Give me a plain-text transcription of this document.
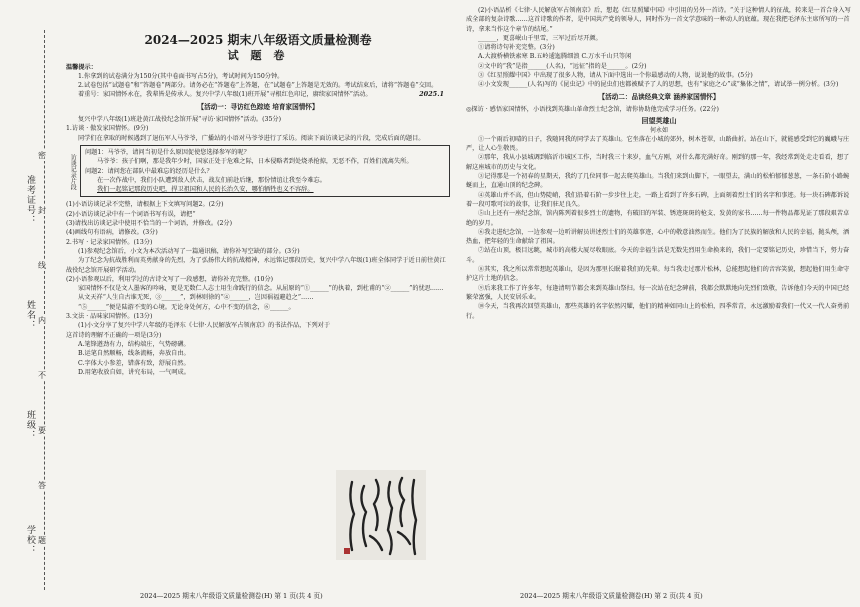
准考证号：
姓名：
班级：
学校：
密
封
线
内
不
要
答
题
2024—2025 期末八年级语文质量检测卷
试 题 卷
2025.1
温馨提示：

1.你拿到的试卷满分为150分(其中卷面书写占5分)，考试时间为150分钟。

2.试卷包括“试题卷”和“答题卷”两部分。请务必在“答题卷”上答题，在“试题卷”上答题是无效的。考试结束后，请将“答题卷”交回。

着重号：家国情怀永在，我辈皆是传承人。复兴中学八年级(1)班开展“寻根红色印记，赓续家国情怀”活动。

【活动一：寻访红色踪迹 培育家国情怀】

复兴中学八年级(1)班赴黄江战役纪念馆开展“寻访·家国情怀”活动。(35分)

1.访谈 · 傲发家国情怀。(9分)

同学们在拿取的时候遇到了退伍军人马爷爷，广播站的小语对马爷爷进行了采访。阅读下面访谈记录的片段，完成后面的题目。

访谈记录片段

问题1：马爷爷，请问当初是什么原因促使您选择参军的呢？

马爷爷：孩子们啊，那是我年少时，国家正处于危难之际，日本侵略者到处烧杀抢掠，无恶不作，百姓们流离失所。

问题2：请问您在部队中最难忘的经历是什么？

在一次作战中，我们小队遭到敌人伏击，战友们前赴后继，那份情谊让我至今难忘。

我们一起铭记那段历史吧，捍卫祖国和人民的长治久安，哪怕牺牲也义不容辞。

(1)小语访谈记录不完整，请根据上下文填写问题2。(2分)

(2)小语访谈记录中有一个词语书写有误，请把“

(3)请找出访谈记录中使用不恰当的一个词语，并修改。(2分)

(4)画线句有语病，请修改。(3分)

2.书写 · 记录家国情怀。(13分)

(1)参观纪念馆后，小文为本次活动写了一篇通讯稿，请你补写空缺的部分。(3分)

为了纪念为抗战胜利而英勇献身的先烈，为了弘扬伟大的抗战精神，永远铭记那段历史，复兴中学八年级(1)班全体同学于近日前往黄江战役纪念馆开展研学活动。

(2)小语参观以后，利用学过的古诗文写了一段感想，请你补充完整。(10分)

家国情怀不仅是文人墨客的吟咏，更是无数仁人志士用生命践行的信念。从屈原的“①______”的执着，到杜甫的“②______”的忧思……

从文天祥“人生自古谁无死，③______”，到林则徐的“④______，岂因祸福避趋之”……

“⑤______”便是陆游不变的心境。无论身处何方，心中不变的信念，⑥______。

3.文法 · 品味家国情怀。(13分)

(1)小文分享了复兴中学八年级的毛泽东《七律·人民解放军占领南京》的书法作品，下列对于这首诗的理解不正确的一项是(3分)

A.笔锋遒劲有力，结构端庄，气势磅礴。

B.运笔自然顺畅，线条流畅，奔放自由。

C.字体大小参差，错落有致，舒展自然。

D.用笔收放自如，讲究布局，一气呵成。

(2)小语品析《七律·人民解放军占领南京》后，想起《红星照耀中国》中引用的另外一首诗。“关于这种情人的征战，转来是一首合身入写成全部的复杂诗歌……这首诗歌的作者，是中国共产党的领导人，同时作为一首文学意味的一种动人的底蕴。现在我把毛泽东主席所写的一首诗，拿来当作这个章节的结尾。”

______，更喜岷山千里雪，三军过后尽开颜。

①请将诗句补充完整。(3分)

A.大渡桥横铁索寒 B.五岭逶迤腾细浪 C.万水千山只等闲

②文中的“我”是指______(人名)，“远征”指的是______。(2分)

③《红星照耀中国》中出现了很多人物，请从下面中选出一个你最感动的人物，说说他的故事。(5分)

④小文发现______(人名)写的《昆虫记》中的昆虫们也都被赋予了人的思想，也有“家庭之心”或“集体之情”，请试举一例分析。(3分)

【活动二：品读经典文章 涵养家国情怀】

◎探访 · 感悟家国情怀，小语找到英雄山革命烈士纪念馆，请你协助他完成学习任务。(22分)

回望英雄山
何永如

①一个雨后初晴的日子，我随同我的同学去了英雄山。它坐落在小城的郊外，树木苍翠，山路曲折。站在山下，就能感受到它的巍峨与庄严，让人心生敬畏。

②那年，我从小县城调到临沂市城区工作，当时我三十来岁，血气方刚，对什么都充满好奇。刚到的那一年，我经常到处走走看看，想了解这座城市的历史与文化。

③记得那是一个初春的星期天，我约了几位同事一起去爬英雄山。当我们来到山脚下，一眼望去，满山的松柏郁郁葱葱，一条石阶小路蜿蜒而上，直通山顶的纪念碑。

④英雄山并不高，但山势陡峭，我们沿着石阶一步步往上走，一路上看到了许多石碑，上面刻着烈士们的名字和事迹。每一块石碑都诉说着一段可歌可泣的故事，让我们驻足良久。

⑤山上还有一座纪念馆，馆内陈列着很多烈士的遗物，有破旧的军装、锈迹斑斑的枪支、发黄的家书……每一件物品都见证了那段艰苦卓绝的岁月。

⑥我走进纪念馆，一边参观一边听讲解员讲述烈士们的英雄事迹，心中的敬意油然而生。他们为了民族的解放和人民的幸福，抛头颅，洒热血，把年轻的生命献给了祖国。

⑦站在山顶，极目远眺，城市的高楼大厦尽收眼底。今天的幸福生活是无数先烈用生命换来的，我们一定要铭记历史，珍惜当下，努力奋斗。

⑧其实，我之所以常常想起英雄山，是因为那里长眠着我们的先辈。每当我走过那片松林，总能想起他们的音容笑貌，想起他们用生命守护这片土地的信念。

⑨后来我工作了许多年，每逢清明节都会来到英雄山祭扫。每一次站在纪念碑前，我都会默默地向先烈们致敬，告诉他们今天的中国已经繁荣富强，人民安居乐业。

⑩今天，当我再次回望英雄山，那些英雄的名字依然闪耀，他们的精神如同山上的松柏，四季常青，永远激励着我们一代又一代人奋勇前行。

2024—2025 期末八年级语文质量检测卷(H) 第 1 页(共 4 页)	2024—2025 期末八年级语文质量检测卷(H) 第 2 页(共 4 页)
